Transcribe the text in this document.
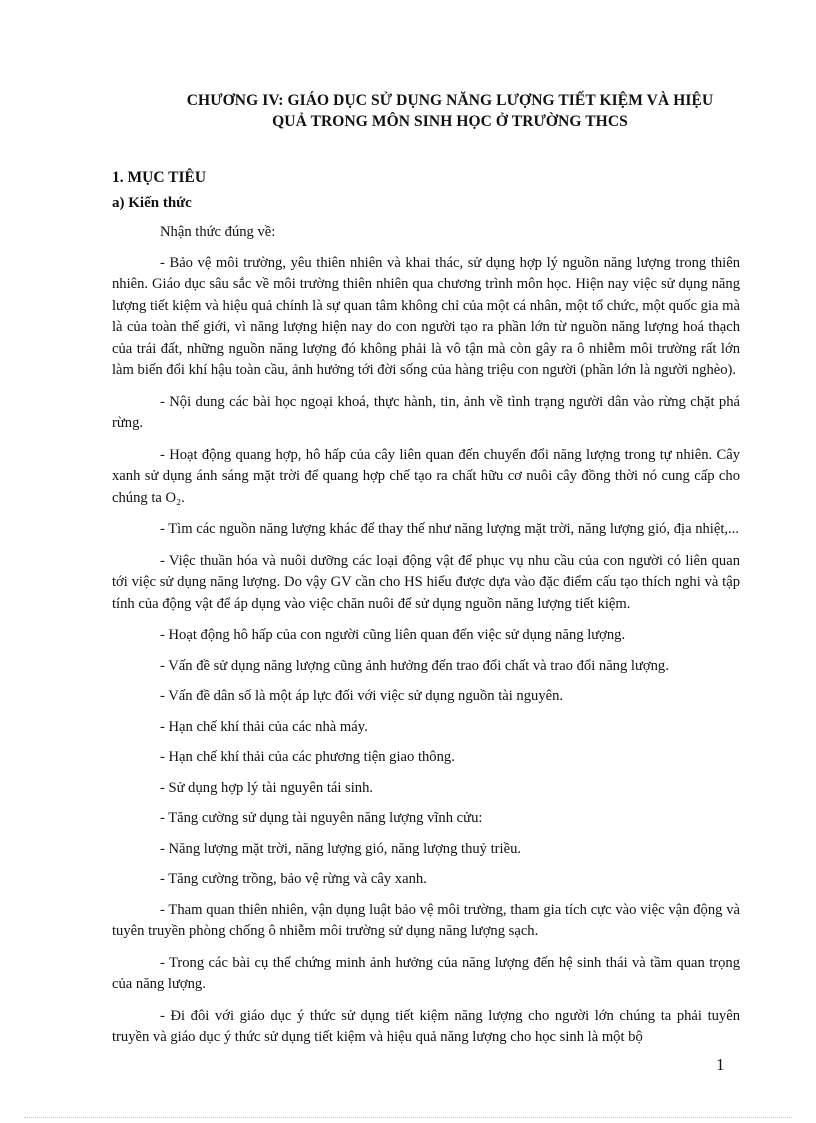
CHƯƠNG IV: GIÁO DỤC SỬ DỤNG NĂNG LƯỢNG TIẾT KIỆM VÀ HIỆU
QUẢ TRONG MÔN SINH HỌC Ở TRƯỜNG THCS
1. MỤC TIÊU
a) Kiến thức

Nhận thức đúng về:

- Bảo vệ môi trường, yêu thiên nhiên và khai thác, sử dụng hợp lý nguồn năng lượng trong thiên nhiên. Giáo dục sâu sắc về môi trường thiên nhiên qua chương trình môn học. Hiện nay việc sử dụng năng lượng tiết kiệm và hiệu quả chính là sự quan tâm không chỉ của một cá nhân, một tổ chức, một quốc gia mà là của toàn thế giới, vì năng lượng hiện nay do con người tạo ra phần lớn từ nguồn năng lượng hoá thạch của trái đất, những nguồn năng lượng đó không phải là vô tận mà còn gây ra ô nhiễm môi trường rất lớn làm biến đổi khí hậu toàn cầu, ảnh hưởng tới đời sống của hàng triệu con người (phần lớn là người nghèo).

- Nội dung các bài học ngoại khoá, thực hành, tin, ảnh về tình trạng người dân vào rừng chặt phá rừng.

- Hoạt động quang hợp, hô hấp của cây liên quan đến chuyển đổi năng lượng trong tự nhiên. Cây xanh sử dụng ánh sáng mặt trời để quang hợp chế tạo ra chất hữu cơ nuôi cây đồng thời nó cung cấp cho chúng ta O₂.

- Tìm các nguồn năng lượng khác để thay thế như năng lượng mặt trời, năng lượng gió, địa nhiệt,...

- Việc thuần hóa và nuôi dưỡng các loại động vật để phục vụ nhu cầu của con người có liên quan tới việc sử dụng năng lượng. Do vậy GV cần cho HS hiểu được dựa vào đặc điểm cấu tạo thích nghi và tập tính của động vật để áp dụng vào việc chăn nuôi để sử dụng nguồn năng lượng tiết kiệm.

- Hoạt động hô hấp của con người cũng liên quan đến việc sử dụng năng lượng.

- Vấn đề sử dụng năng lượng cũng ảnh hưởng đến trao đổi chất và trao đổi năng lượng.

- Vấn đề dân số là một áp lực đối với việc sử dụng nguồn tài nguyên.

- Hạn chế khí thải của các nhà máy.

- Hạn chế khí thải của các phương tiện giao thông.

- Sử dụng hợp lý tài nguyên tái sinh.

- Tăng cường sử dụng tài nguyên năng lượng vĩnh cửu:

- Năng lượng mặt trời, năng lượng gió, năng lượng thuỷ triều.

- Tăng cường trồng, bảo vệ rừng và cây xanh.

- Tham quan thiên nhiên, vận dụng luật bảo vệ môi trường, tham gia tích cực vào việc vận động và tuyên truyền phòng chống ô nhiễm môi trường sử dụng năng lượng sạch.

- Trong các bài cụ thể chứng minh ảnh hưởng của năng lượng đến hệ sinh thái và tầm quan trọng của năng lượng.

- Đi đôi với giáo dục ý thức sử dụng tiết kiệm năng lượng cho người lớn chúng ta phải tuyên truyền và giáo dục ý thức sử dụng tiết kiệm và hiệu quả năng lượng cho học sinh là một bộ

1
